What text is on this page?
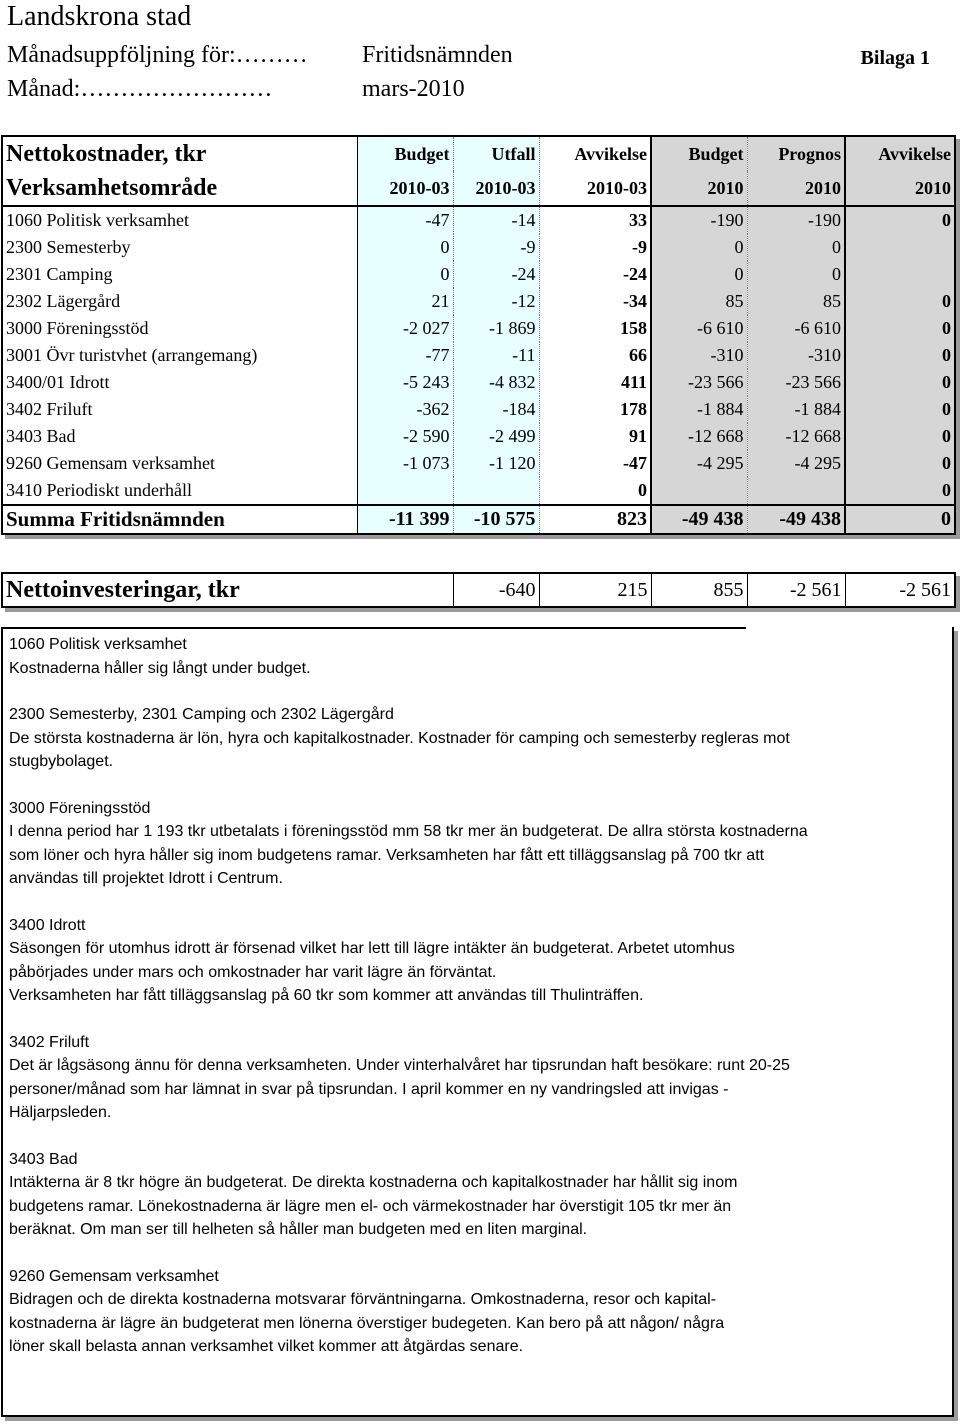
Landskrona stad
Månadsuppföljning för:……… Fritidsnämnden	Bilaga 1
Månad:……………………	mars-2010
Nettokostnader, tkr	Budget	Utfall	Avvikelse	Budget	Prognos	Avvikelse
Verksamhetsområde	2010-03	2010-03	2010-03	2010	2010	2010
1060 Politisk verksamhet	-47	-14	33	-190	-190	0
2300 Semesterby	0	-9	-9	0	0	
2301 Camping	0	-24	-24	0	0	
2302 Lägergård	21	-12	-34	85	85	0
3000 Föreningsstöd	-2 027	-1 869	158	-6 610	-6 610	0
3001 Övr turistvhet (arrangemang)	-77	-11	66	-310	-310	0
3400/01 Idrott	-5 243	-4 832	411	-23 566	-23 566	0
3402 Friluft	-362	-184	178	-1 884	-1 884	0
3403 Bad	-2 590	-2 499	91	-12 668	-12 668	0
9260 Gemensam verksamhet	-1 073	-1 120	-47	-4 295	-4 295	0
3410 Periodiskt underhåll			0			0
Summa Fritidsnämnden	-11 399	-10 575	823	-49 438	-49 438	0
Nettoinvesteringar, tkr	-640	215	855	-2 561	-2 561
1060 Politisk verksamhet
Kostnaderna håller sig långt under budget.
2300 Semesterby, 2301 Camping och 2302 Lägergård
De största kostnaderna är lön, hyra och kapitalkostnader. Kostnader för camping och semesterby regleras mot
stugbybolaget.
3000 Föreningsstöd
I denna period har 1 193 tkr utbetalats i föreningsstöd mm 58 tkr mer än budgeterat. De allra största kostnaderna
som löner och hyra håller sig inom budgetens ramar. Verksamheten har fått ett tilläggsanslag på 700 tkr att
användas till projektet Idrott i Centrum.
3400 Idrott
Säsongen för utomhus idrott är försenad vilket har lett till lägre intäkter än budgeterat. Arbetet utomhus
påbörjades under mars och omkostnader har varit lägre än förväntat.
Verksamheten har fått tilläggsanslag på 60 tkr som kommer att användas till Thulinträffen.
3402 Friluft
Det är lågsäsong ännu för denna verksamheten. Under vinterhalvåret har tipsrundan haft besökare: runt 20-25
personer/månad som har lämnat in svar på tipsrundan. I april kommer en ny vandringsled att invigas -
Häljarpsleden.
3403 Bad
Intäkterna är 8 tkr högre än budgeterat. De direkta kostnaderna och kapitalkostnader har hållit sig inom
budgetens ramar. Lönekostnaderna är lägre men el- och värmekostnader har överstigit 105 tkr mer än
beräknat. Om man ser till helheten så håller man budgeten med en liten marginal.
9260 Gemensam verksamhet
Bidragen och de direkta kostnaderna motsvarar förväntningarna. Omkostnaderna, resor och kapital-
kostnaderna är lägre än budgeterat men lönerna överstiger budegeten. Kan bero på att någon/ några
löner skall belasta annan verksamhet vilket kommer att åtgärdas senare.
